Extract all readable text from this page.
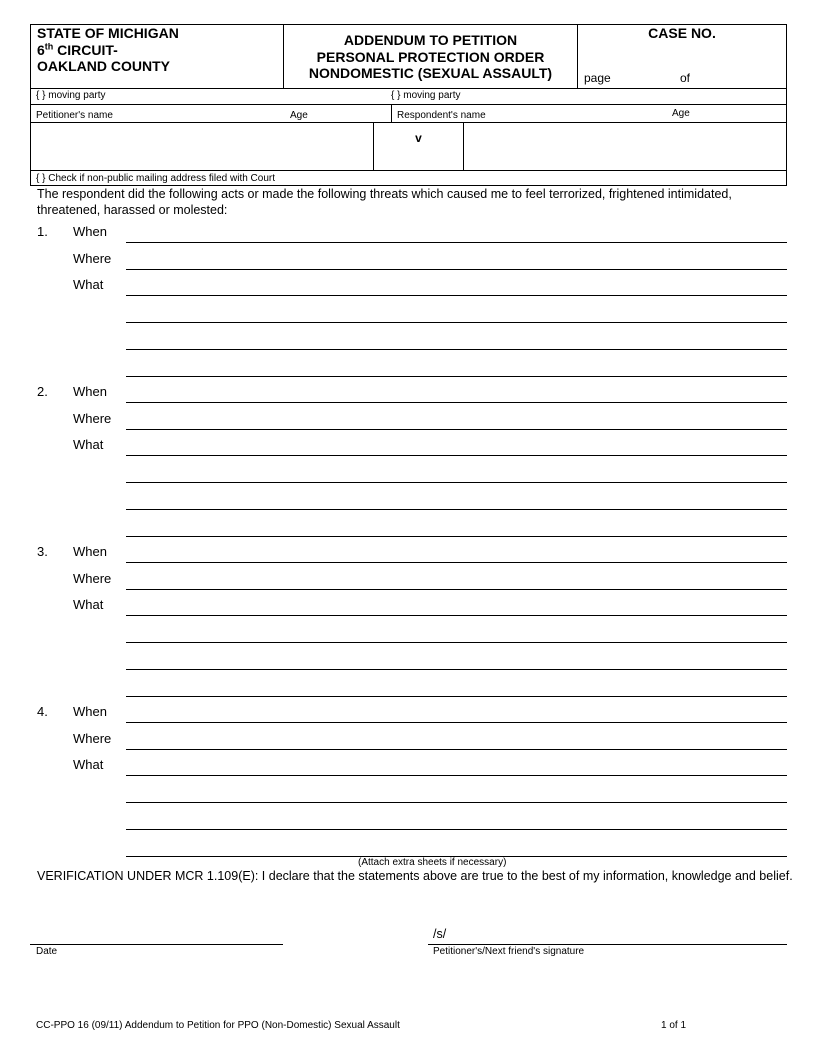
STATE OF MICHIGAN
6th CIRCUIT-
OAKLAND COUNTY
ADDENDUM TO PETITION
PERSONAL PROTECTION ORDER
NONDOMESTIC (SEXUAL ASSAULT)
CASE NO.
page	of
{ } moving party	{ } moving party
Petitioner's name	Age	Respondent's name	Age
v
{ } Check if non-public mailing address filed with Court
The respondent did the following acts or made the following threats which caused me to feel terrorized, frightened intimidated, threatened, harassed or molested:
1. When
Where
What
2. When
Where
What
3. When
Where
What
4. When
Where
What
(Attach extra sheets if necessary)
VERIFICATION UNDER MCR 1.109(E): I declare that the statements above are true to the best of my information, knowledge and belief.
Date
/s/
Petitioner's/Next friend's signature
CC-PPO 16 (09/11) Addendum to Petition for PPO (Non-Domestic) Sexual Assault	1 of 1
